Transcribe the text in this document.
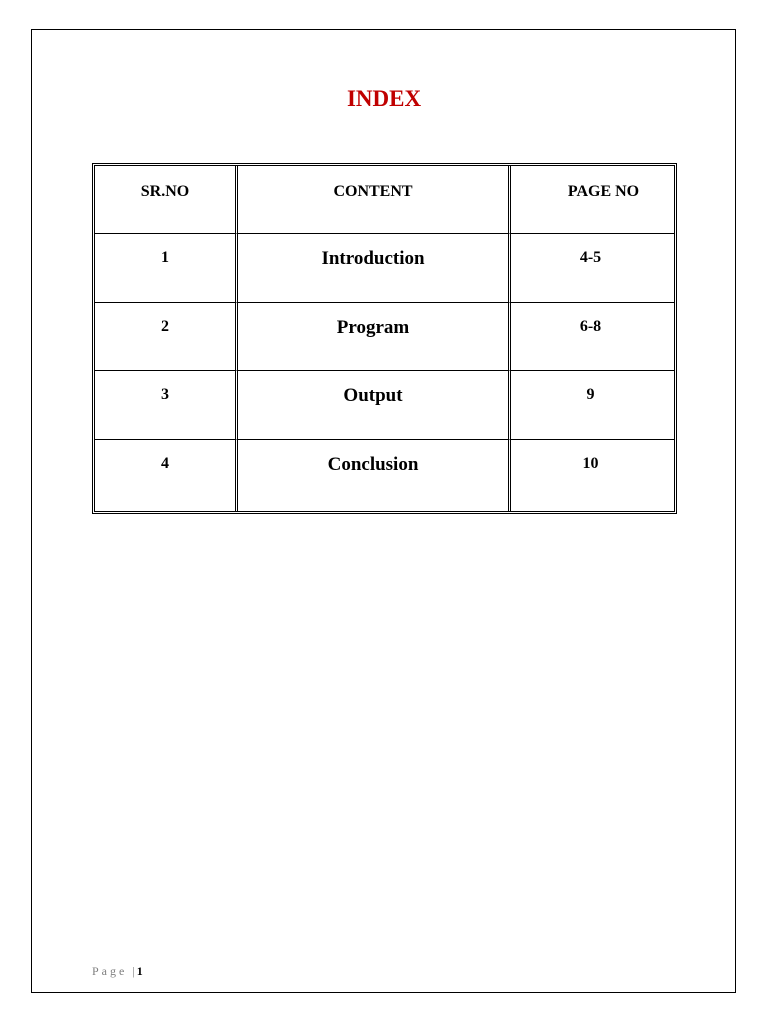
INDEX
SR.NO	CONTENT	PAGE NO
1	Introduction	4-5
2	Program	6-8
3	Output	9
4	Conclusion	10
Page | 1
